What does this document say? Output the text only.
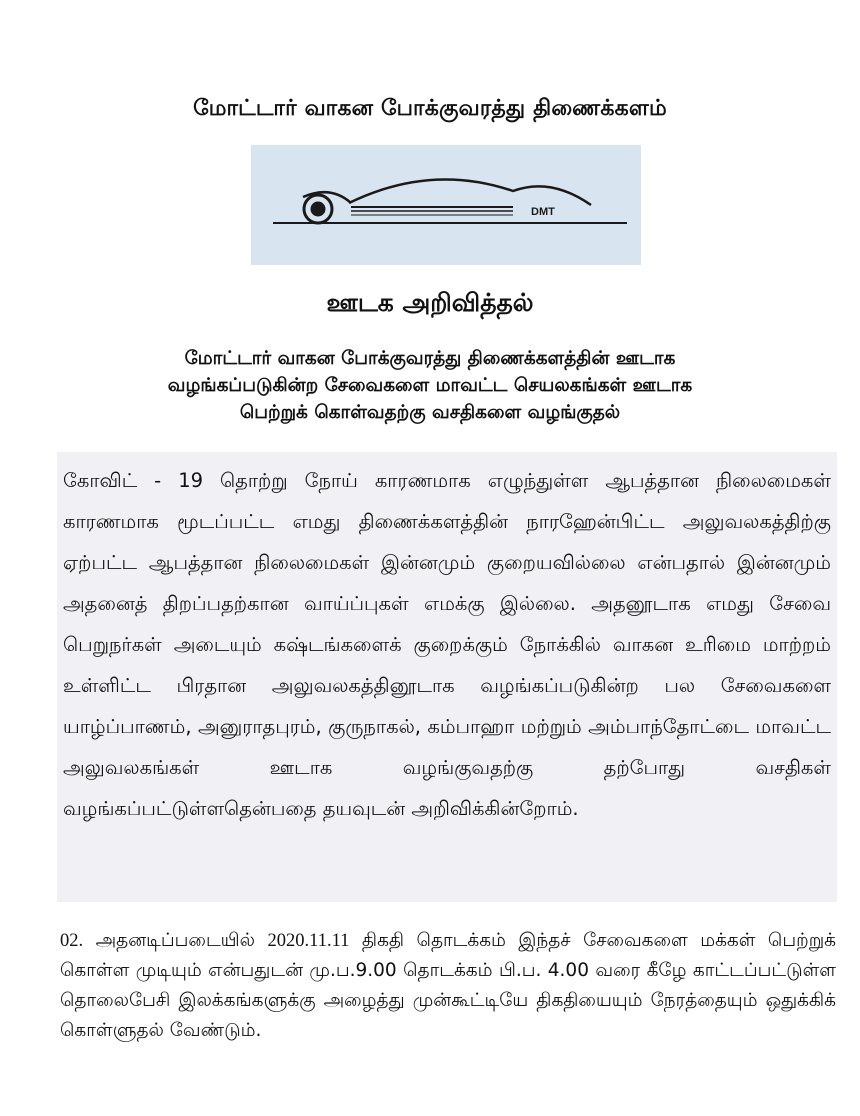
மோட்டார் வாகன போக்குவரத்து திணைக்களம்
DMT
ஊடக அறிவித்தல்
மோட்டார் வாகன போக்குவரத்து திணைக்களத்தின் ஊடாக
வழங்கப்படுகின்ற சேவைகளை மாவட்ட செயலகங்கள் ஊடாக
பெற்றுக் கொள்வதற்கு வசதிகளை வழங்குதல்

கோவிட் - 19 தொற்று நோய் காரணமாக எழுந்துள்ள ஆபத்தான நிலைமைகள் காரணமாக மூடப்பட்ட எமது திணைக்களத்தின் நாரஹேன்பிட்ட அலுவலகத்திற்கு ஏற்பட்ட ஆபத்தான நிலைமைகள் இன்னமும் குறையவில்லை என்பதால் இன்னமும் அதனைத் திறப்பதற்கான வாய்ப்புகள் எமக்கு இல்லை. அதனூடாக எமது சேவை பெறுநர்கள் அடையும் கஷ்டங்களைக் குறைக்கும் நோக்கில் வாகன உரிமை மாற்றம் உள்ளிட்ட பிரதான அலுவலகத்தினூடாக வழங்கப்படுகின்ற பல சேவைகளை யாழ்ப்பாணம், அனுராதபுரம், குருநாகல், கம்பாஹா மற்றும் அம்பாந்தோட்டை மாவட்ட அலுவலகங்கள் ஊடாக வழங்குவதற்கு தற்போது வசதிகள் வழங்கப்பட்டுள்ளதென்பதை தயவுடன் அறிவிக்கின்றோம்.

02. அதனடிப்படையில் 2020.11.11 திகதி தொடக்கம் இந்தச் சேவைகளை மக்கள் பெற்றுக் கொள்ள முடியும் என்பதுடன் மு.ப.9.00 தொடக்கம் பி.ப. 4.00 வரை கீழே காட்டப்பட்டுள்ள தொலைபேசி இலக்கங்களுக்கு அழைத்து முன்கூட்டியே திகதியையும் நேரத்தையும் ஒதுக்கிக் கொள்ளுதல் வேண்டும்.
